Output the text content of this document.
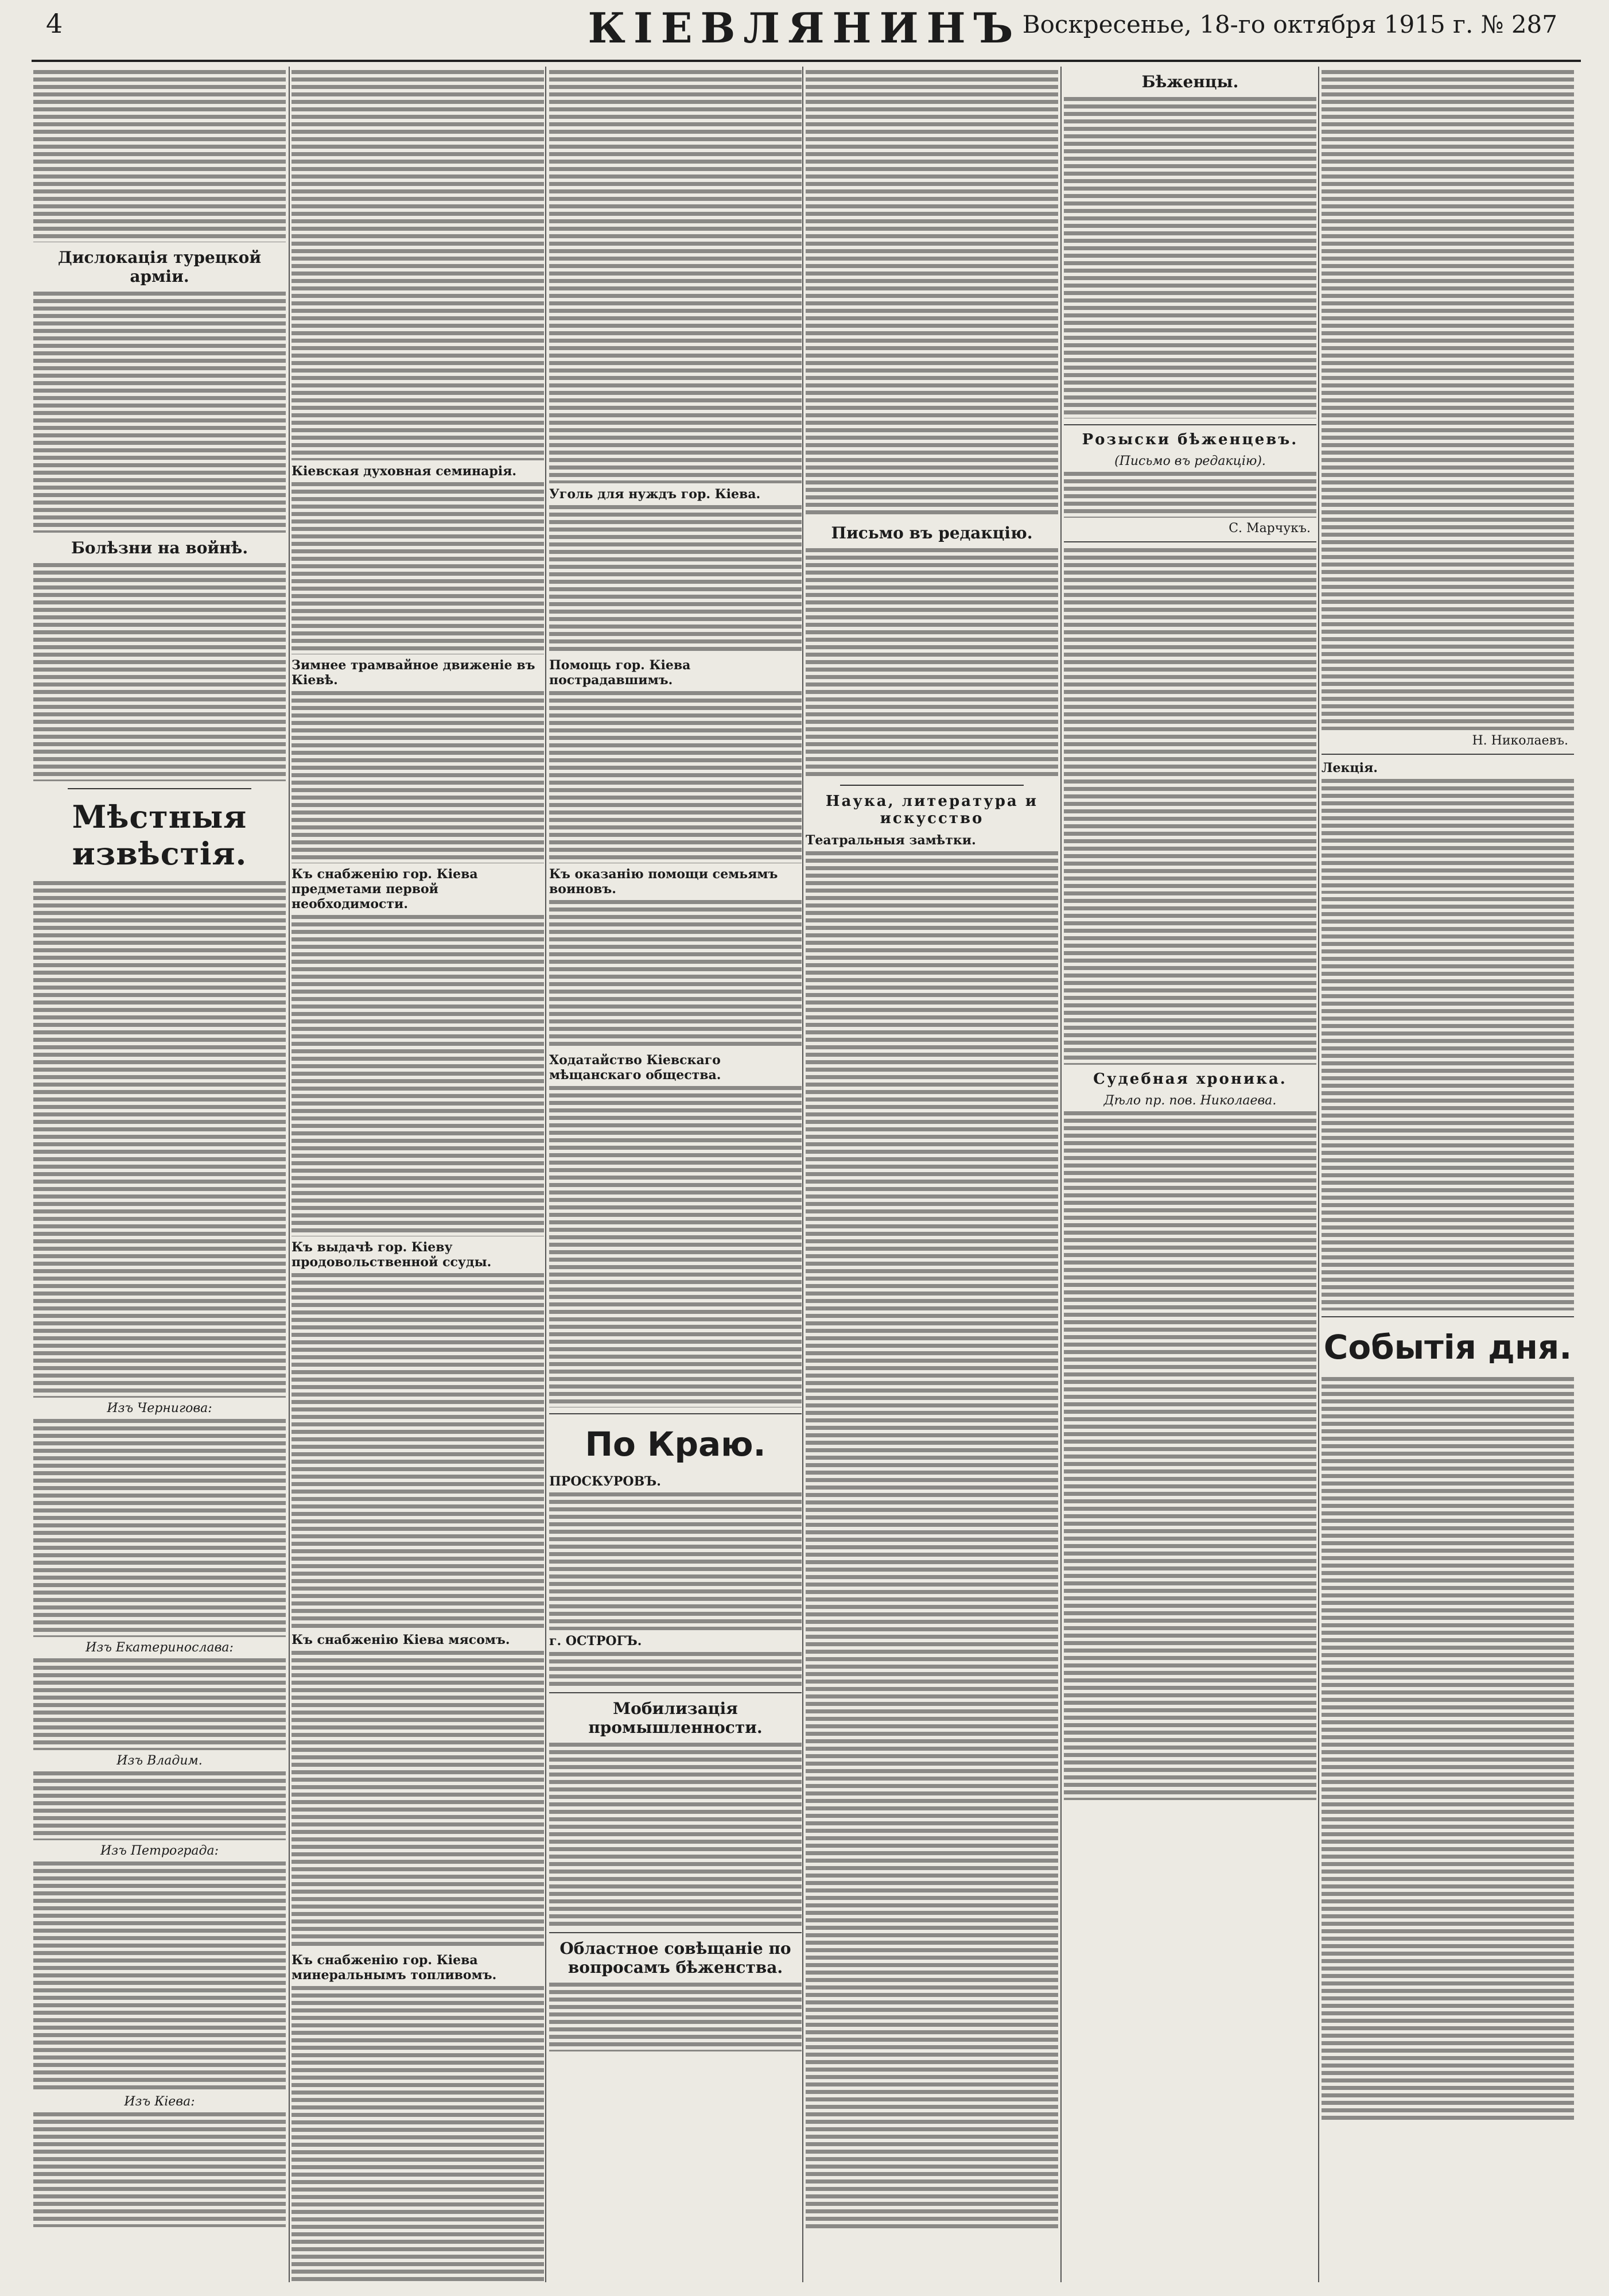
4	КІЕВЛЯНИНЪ Воскресенье, 18-го октября 1915 г. № 287
Дислокація турецкой арміи.
Болѣзни на войнѣ.
Мѣстныя извѣстія.
Изъ Чернигова:
Изъ Екатеринослава:
Изъ Владим.
Изъ Петрограда:
Изъ Кіева:
Кіевская духовная семинарія.
Зимнее трамвайное движеніе въ Кіевѣ.
Къ снабженію гор. Кіева предметами первой необходимости.
Къ выдачѣ гор. Кіеву продовольственной ссуды.
Къ снабженію Кіева мясомъ.
Къ снабженію гор. Кіева минеральнымъ топливомъ.
Уголь для нуждъ гор. Кіева.
Помощь гор. Кіева пострадавшимъ.
Къ оказанію помощи семьямъ воиновъ.
Ходатайство Кіевскаго мѣщанскаго общества.
По Краю.
ПРОСКУРОВЪ.
г. ОСТРОГЪ.
Мобилизація промышленности.
Областное совѣщаніе по вопросамъ бѣженства.
Письмо въ редакцію.
Наука, литература и искусство
Театральныя замѣтки.
Бѣженцы.
Розыски бѣженцевъ.
(Письмо въ редакцію).
С. Марчукъ.
Судебная хроника.
Дѣло пр. пов. Николаева.
Н. Николаевъ.
Лекція.
Событія дня.
